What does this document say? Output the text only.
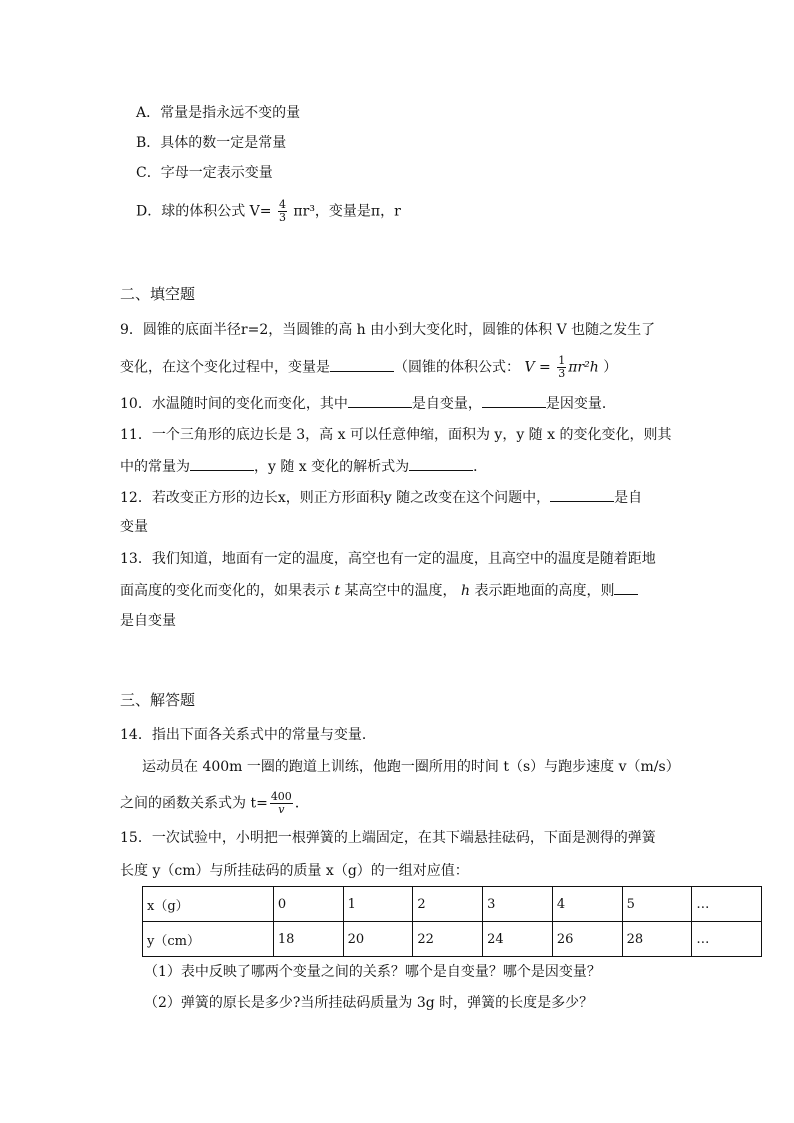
A．常量是指永远不变的量
B．具体的数一定是常量
C．字母一定表示变量
D．球的体积公式 $V= \frac{4}{3} \pi r^3$，变量是π，r
二、填空题
9．圆锥的底面半径r=2，当圆锥的高 h 由小到大变化时，圆锥的体积 V 也随之发生了
变化，在这个变化过程中，变量是	（圆锥的体积公式： $V = \frac{1}{3} \pi r^2h$ ）
10．水温随时间的变化而变化，其中	是自变量，	是因变量．
11．一个三角形的底边长是 3，高 x 可以任意伸缩，面积为 y，y 随 x 的变化变化，则其
中的常量为	，y 随 x 变化的解析式为	．
12．若改变正方形的边长x，则正方形面积y 随之改变在这个问题中，	是自
变量
13．我们知道，地面有一定的温度，高空也有一定的温度，且高空中的温度是随着距地
面高度的变化而变化的，如果表示 t 某高空中的温度， h 表示距地面的高度，则
是自变量
三、解答题
14．指出下面各关系式中的常量与变量．
运动员在 400m 一圈的跑道上训练，他跑一圈所用的时间 t（s）与跑步速度 v（m/s）
之间的函数关系式为 $t= \frac{400}{v}$ ．
15．一次试验中，小明把一根弹簧的上端固定，在其下端悬挂砝码，下面是测得的弹簧
长度 y（cm）与所挂砝码的质量 x（g）的一组对应值：
x（g）	0	1	2	3	4	5	…
y（cm）	18	20	22	24	26	28	…
（1）表中反映了哪两个变量之间的关系？哪个是自变量？哪个是因变量？
（2）弹簧的原长是多少?当所挂砝码质量为 3g 时，弹簧的长度是多少？
